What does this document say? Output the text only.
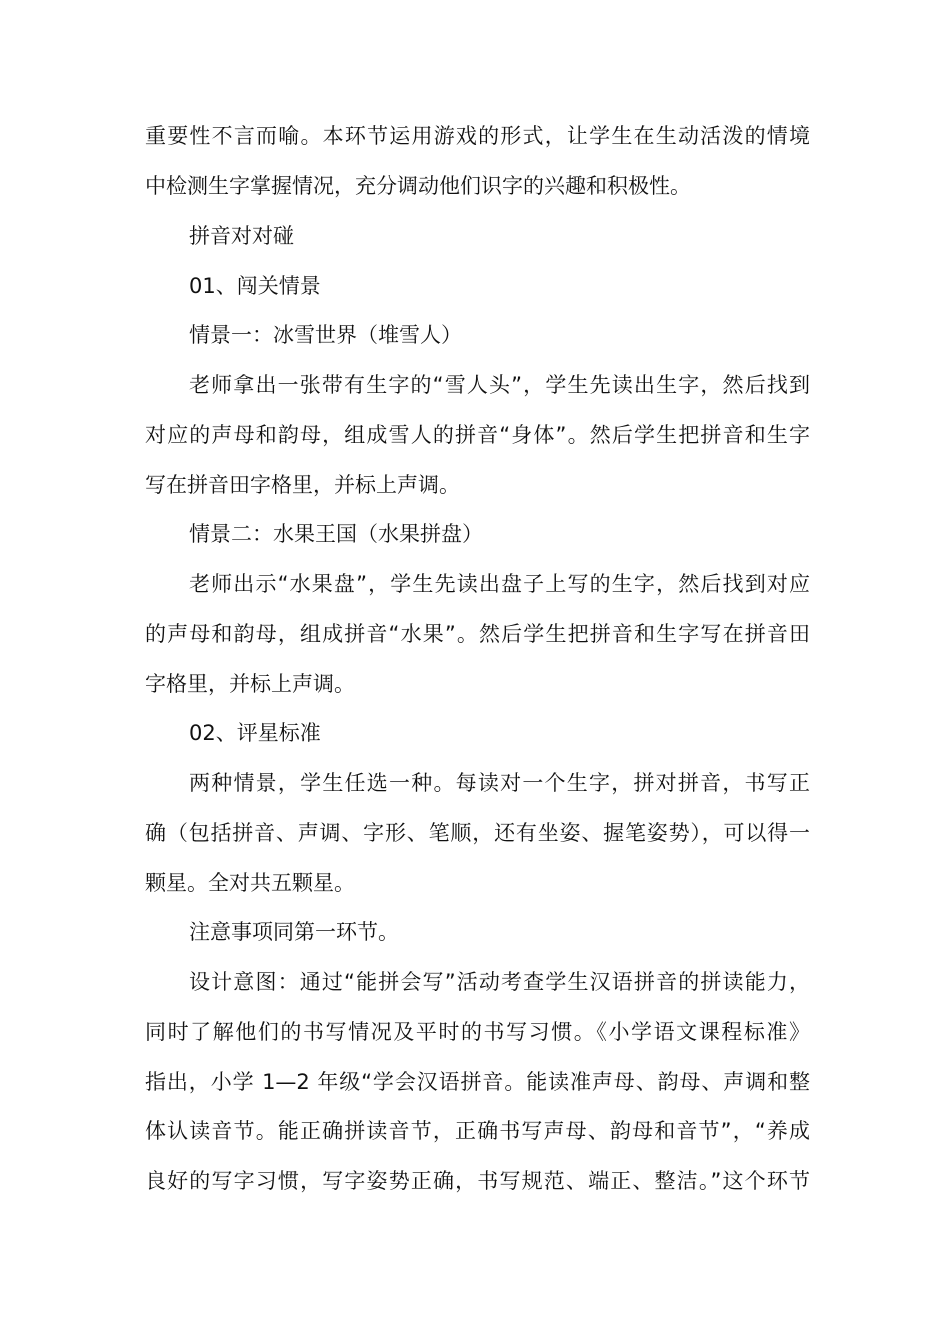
重要性不言而喻。本环节运用游戏的形式，让学生在生动活泼的情境

中检测生字掌握情况，充分调动他们识字的兴趣和积极性。

拼音对对碰

01、闯关情景

情景一：冰雪世界（堆雪人）

老师拿出一张带有生字的“雪人头”，学生先读出生字，然后找到

对应的声母和韵母，组成雪人的拼音“身体”。然后学生把拼音和生字

写在拼音田字格里，并标上声调。

情景二：水果王国（水果拼盘）

老师出示“水果盘”，学生先读出盘子上写的生字，然后找到对应

的声母和韵母，组成拼音“水果”。然后学生把拼音和生字写在拼音田

字格里，并标上声调。

02、评星标准

两种情景，学生任选一种。每读对一个生字，拼对拼音，书写正

确（包括拼音、声调、字形、笔顺，还有坐姿、握笔姿势），可以得一

颗星。全对共五颗星。

注意事项同第一环节。

设计意图：通过“能拼会写”活动考查学生汉语拼音的拼读能力，

同时了解他们的书写情况及平时的书写习惯。《小学语文课程标准》

指出，小学 1—2 年级“学会汉语拼音。能读准声母、韵母、声调和整

体认读音节。能正确拼读音节，正确书写声母、韵母和音节”，“养成

良好的写字习惯，写字姿势正确，书写规范、端正、整洁。”这个环节
